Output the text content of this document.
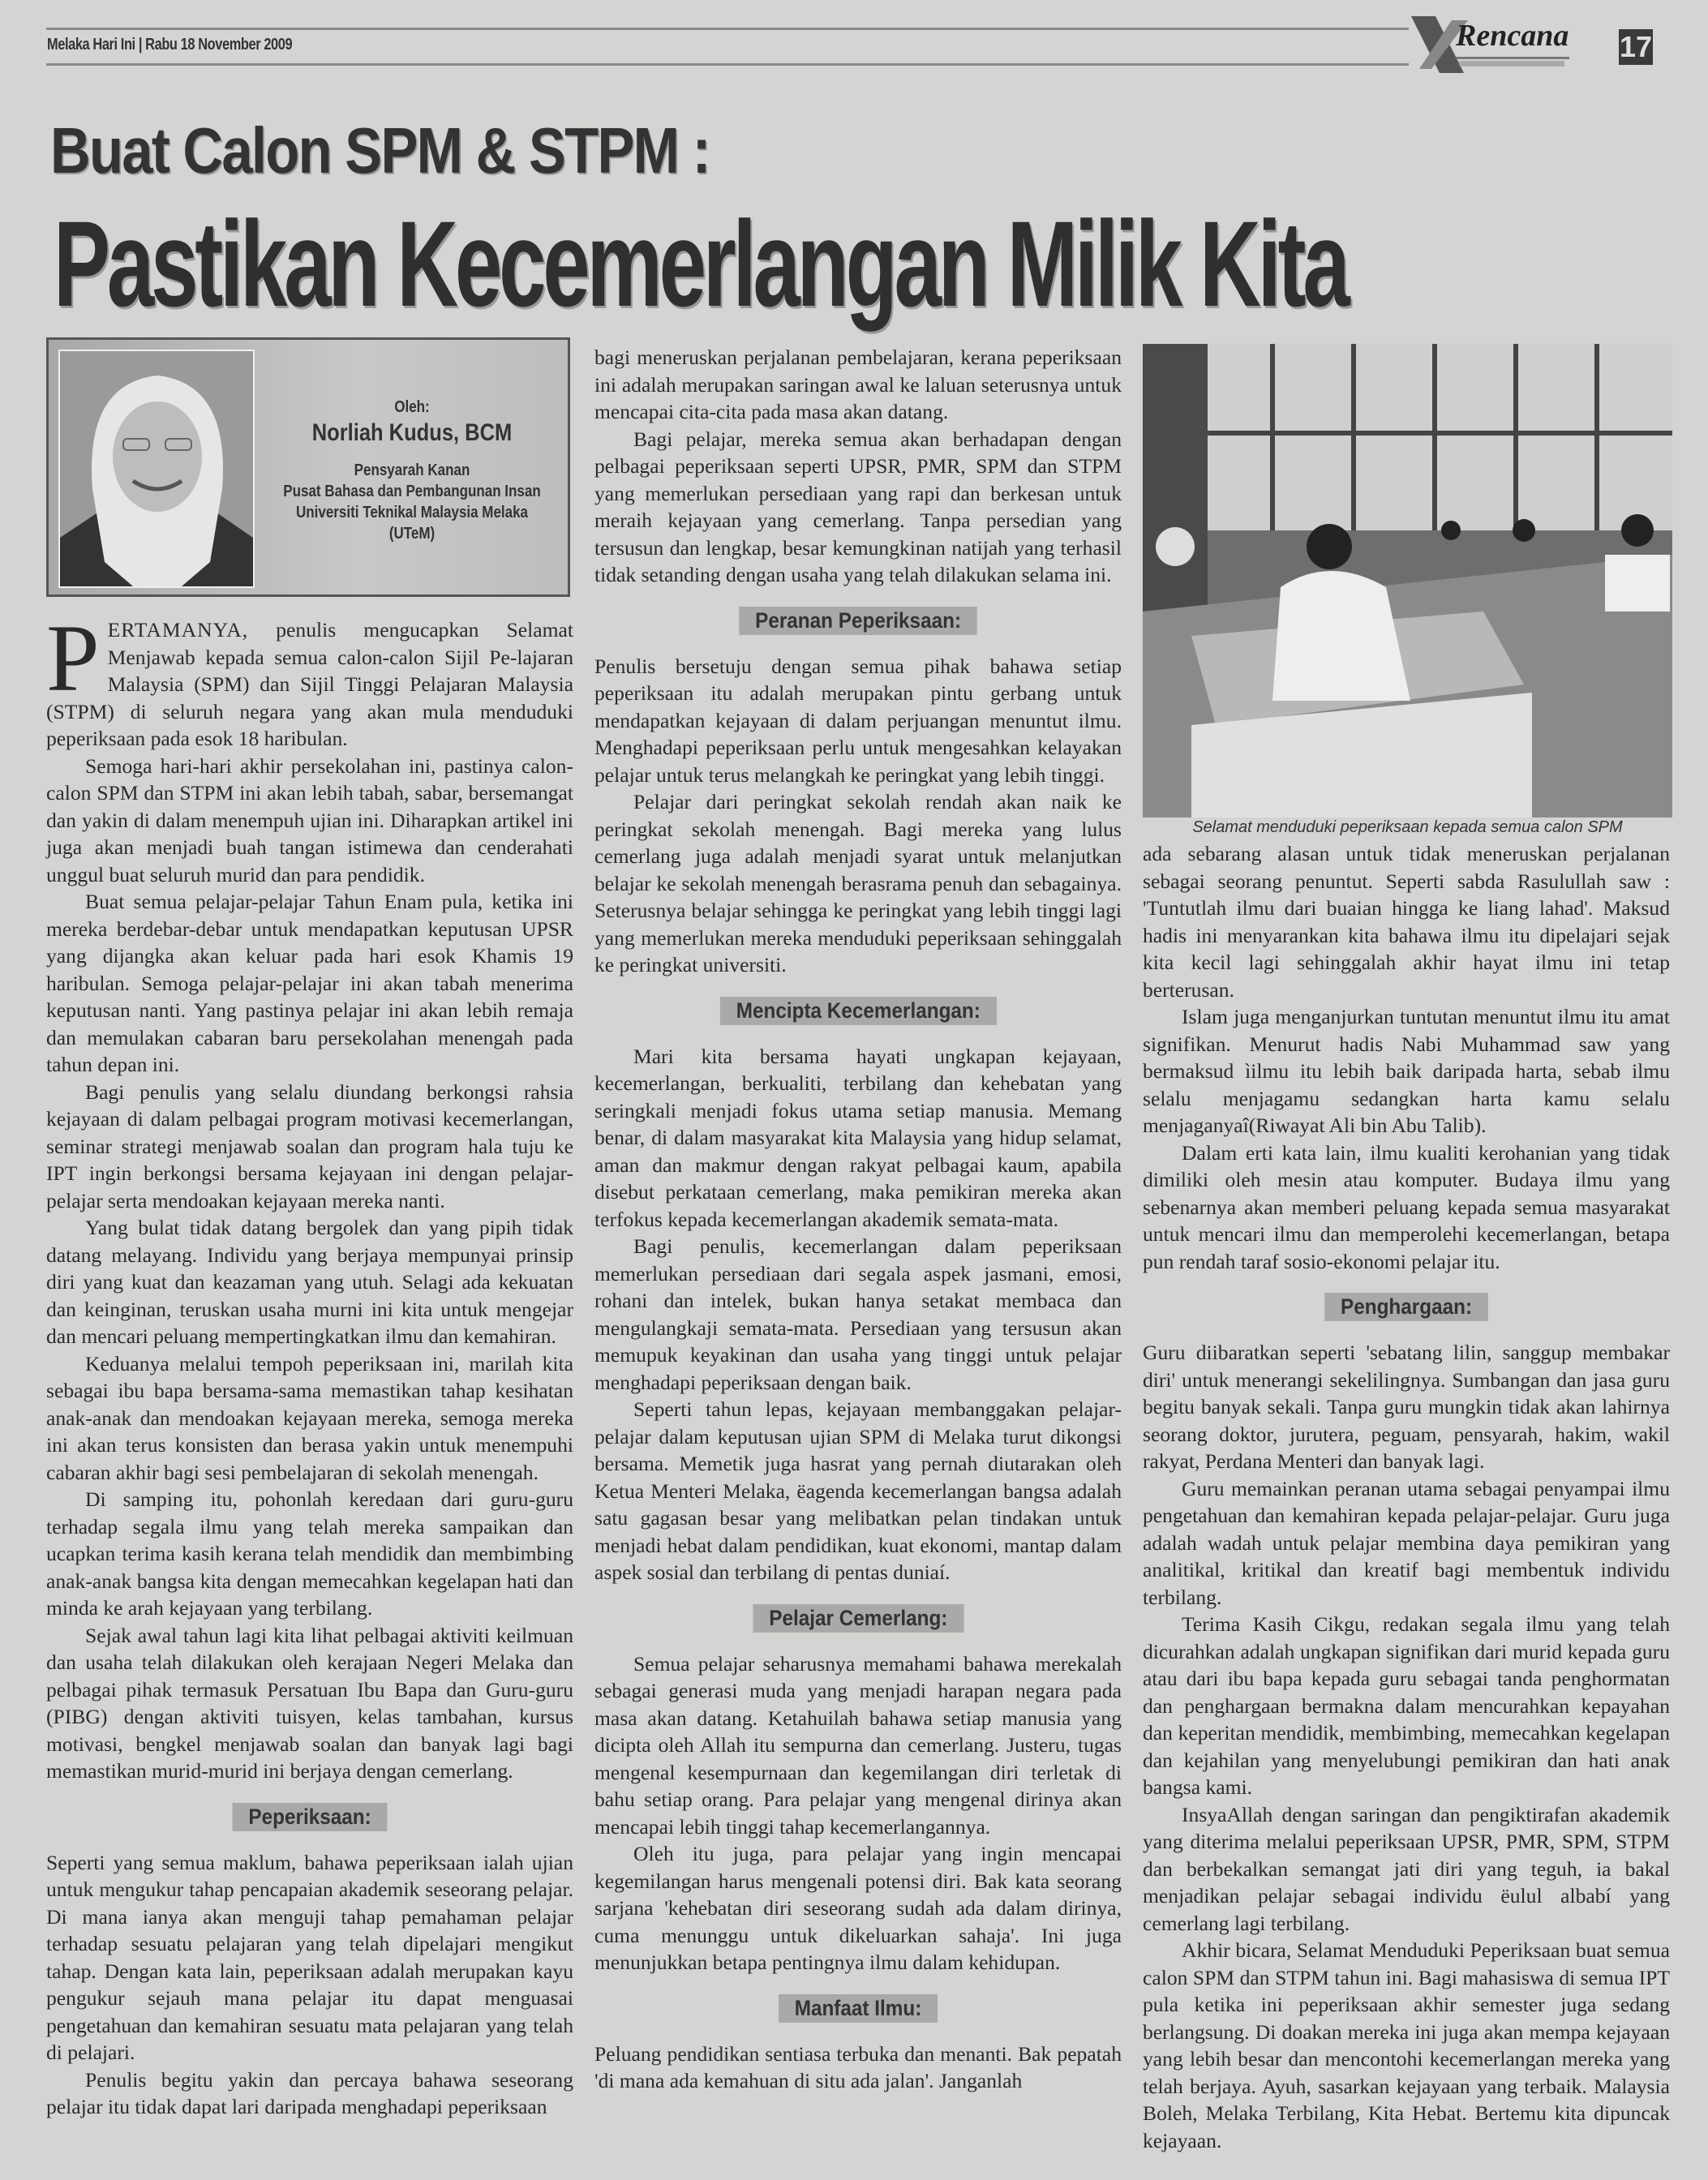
Melaka Hari Ini | Rabu 18 November 2009	Rencana 17
Buat Calon SPM & STPM :
Pastikan Kecemerlangan Milik Kita
Oleh:
Norliah Kudus, BCM
Pensyarah Kanan
Pusat Bahasa dan Pembangunan Insan
Universiti Teknikal Malaysia Melaka
(UTeM)
Selamat menduduki peperiksaan kepada semua calon SPM

PERTAMANYA, penulis mengucapkan Selamat Menjawab kepada semua calon-calon Sijil Pe-lajaran Malaysia (SPM) dan Sijil Tinggi Pelajaran Malaysia (STPM) di seluruh negara yang akan mula menduduki peperiksaan pada esok 18 haribulan.

Semoga hari-hari akhir persekolahan ini, pastinya calon-calon SPM dan STPM ini akan lebih tabah, sabar, bersemangat dan yakin di dalam menempuh ujian ini. Diharapkan artikel ini juga akan menjadi buah tangan istimewa dan cenderahati unggul buat seluruh murid dan para pendidik.

Buat semua pelajar-pelajar Tahun Enam pula, ketika ini mereka berdebar-debar untuk mendapatkan keputusan UPSR yang dijangka akan keluar pada hari esok Khamis 19 haribulan. Semoga pelajar-pelajar ini akan tabah menerima keputusan nanti. Yang pastinya pelajar ini akan lebih remaja dan memulakan cabaran baru persekolahan menengah pada tahun depan ini.

Bagi penulis yang selalu diundang berkongsi rahsia kejayaan di dalam pelbagai program motivasi kecemerlangan, seminar strategi menjawab soalan dan program hala tuju ke IPT ingin berkongsi bersama kejayaan ini dengan pelajar-pelajar serta mendoakan kejayaan mereka nanti.

Yang bulat tidak datang bergolek dan yang pipih tidak datang melayang. Individu yang berjaya mempunyai prinsip diri yang kuat dan keazaman yang utuh. Selagi ada kekuatan dan keinginan, teruskan usaha murni ini kita untuk mengejar dan mencari peluang mempertingkatkan ilmu dan kemahiran.

Keduanya melalui tempoh peperiksaan ini, marilah kita sebagai ibu bapa bersama-sama memastikan tahap kesihatan anak-anak dan mendoakan kejayaan mereka, semoga mereka ini akan terus konsisten dan berasa yakin untuk menempuhi cabaran akhir bagi sesi pembelajaran di sekolah menengah.

Di samping itu, pohonlah keredaan dari guru-guru terhadap segala ilmu yang telah mereka sampaikan dan ucapkan terima kasih kerana telah mendidik dan membimbing anak-anak bangsa kita dengan memecahkan kegelapan hati dan minda ke arah kejayaan yang terbilang.

Sejak awal tahun lagi kita lihat pelbagai aktiviti keilmuan dan usaha telah dilakukan oleh kerajaan Negeri Melaka dan pelbagai pihak termasuk Persatuan Ibu Bapa dan Guru-guru (PIBG) dengan aktiviti tuisyen, kelas tambahan, kursus motivasi, bengkel menjawab soalan dan banyak lagi bagi memastikan murid-murid ini berjaya dengan cemerlang.

Peperiksaan:

Seperti yang semua maklum, bahawa peperiksaan ialah ujian untuk mengukur tahap pencapaian akademik seseorang pelajar. Di mana ianya akan menguji tahap pemahaman pelajar terhadap sesuatu pelajaran yang telah dipelajari mengikut tahap. Dengan kata lain, peperiksaan adalah merupakan kayu pengukur sejauh mana pelajar itu dapat menguasai pengetahuan dan kemahiran sesuatu mata pelajaran yang telah di pelajari.

Penulis begitu yakin dan percaya bahawa seseorang pelajar itu tidak dapat lari daripada menghadapi peperiksaan

bagi meneruskan perjalanan pembelajaran, kerana peperiksaan ini adalah merupakan saringan awal ke laluan seterusnya untuk mencapai cita-cita pada masa akan datang.

Bagi pelajar, mereka semua akan berhadapan dengan pelbagai peperiksaan seperti UPSR, PMR, SPM dan STPM yang memerlukan persediaan yang rapi dan berkesan untuk meraih kejayaan yang cemerlang. Tanpa persedian yang tersusun dan lengkap, besar kemungkinan natijah yang terhasil tidak setanding dengan usaha yang telah dilakukan selama ini.

Peranan Peperiksaan:

Penulis bersetuju dengan semua pihak bahawa setiap peperiksaan itu adalah merupakan pintu gerbang untuk mendapatkan kejayaan di dalam perjuangan menuntut ilmu. Menghadapi peperiksaan perlu untuk mengesahkan kelayakan pelajar untuk terus melangkah ke peringkat yang lebih tinggi.

Pelajar dari peringkat sekolah rendah akan naik ke peringkat sekolah menengah. Bagi mereka yang lulus cemerlang juga adalah menjadi syarat untuk melanjutkan belajar ke sekolah menengah berasrama penuh dan sebagainya. Seterusnya belajar sehingga ke peringkat yang lebih tinggi lagi yang memerlukan mereka menduduki peperiksaan sehinggalah ke peringkat universiti.

Mencipta Kecemerlangan:

Mari kita bersama hayati ungkapan kejayaan, kecemerlangan, berkualiti, terbilang dan kehebatan yang seringkali menjadi fokus utama setiap manusia. Memang benar, di dalam masyarakat kita Malaysia yang hidup selamat, aman dan makmur dengan rakyat pelbagai kaum, apabila disebut perkataan cemerlang, maka pemikiran mereka akan terfokus kepada kecemerlangan akademik semata-mata.

Bagi penulis, kecemerlangan dalam peperiksaan memerlukan persediaan dari segala aspek jasmani, emosi, rohani dan intelek, bukan hanya setakat membaca dan mengulangkaji semata-mata. Persediaan yang tersusun akan memupuk keyakinan dan usaha yang tinggi untuk pelajar menghadapi peperiksaan dengan baik.

Seperti tahun lepas, kejayaan membanggakan pelajar-pelajar dalam keputusan ujian SPM di Melaka turut dikongsi bersama. Memetik juga hasrat yang pernah diutarakan oleh Ketua Menteri Melaka, ëagenda kecemerlangan bangsa adalah satu gagasan besar yang melibatkan pelan tindakan untuk menjadi hebat dalam pendidikan, kuat ekonomi, mantap dalam aspek sosial dan terbilang di pentas duniaí.

Pelajar Cemerlang:

Semua pelajar seharusnya memahami bahawa merekalah sebagai generasi muda yang menjadi harapan negara pada masa akan datang. Ketahuilah bahawa setiap manusia yang dicipta oleh Allah itu sempurna dan cemerlang. Justeru, tugas mengenal kesempurnaan dan kegemilangan diri terletak di bahu setiap orang. Para pelajar yang mengenal dirinya akan mencapai lebih tinggi tahap kecemerlangannya.

Oleh itu juga, para pelajar yang ingin mencapai kegemilangan harus mengenali potensi diri. Bak kata seorang sarjana 'kehebatan diri seseorang sudah ada dalam dirinya, cuma menunggu untuk dikeluarkan sahaja'. Ini juga menunjukkan betapa pentingnya ilmu dalam kehidupan.

Manfaat Ilmu:

Peluang pendidikan sentiasa terbuka dan menanti. Bak pepatah 'di mana ada kemahuan di situ ada jalan'. Janganlah

ada sebarang alasan untuk tidak meneruskan perjalanan sebagai seorang penuntut. Seperti sabda Rasulullah saw : 'Tuntutlah ilmu dari buaian hingga ke liang lahad'. Maksud hadis ini menyarankan kita bahawa ilmu itu dipelajari sejak kita kecil lagi sehinggalah akhir hayat ilmu ini tetap berterusan.

Islam juga menganjurkan tuntutan menuntut ilmu itu amat signifikan. Menurut hadis Nabi Muhammad saw yang bermaksud ìilmu itu lebih baik daripada harta, sebab ilmu selalu menjagamu sedangkan harta kamu selalu menjaganyaî(Riwayat Ali bin Abu Talib).

Dalam erti kata lain, ilmu kualiti kerohanian yang tidak dimiliki oleh mesin atau komputer. Budaya ilmu yang sebenarnya akan memberi peluang kepada semua masyarakat untuk mencari ilmu dan memperolehi kecemerlangan, betapa pun rendah taraf sosio-ekonomi pelajar itu.

Penghargaan:

Guru diibaratkan seperti 'sebatang lilin, sanggup membakar diri' untuk menerangi sekelilingnya. Sumbangan dan jasa guru begitu banyak sekali. Tanpa guru mungkin tidak akan lahirnya seorang doktor, jurutera, peguam, pensyarah, hakim, wakil rakyat, Perdana Menteri dan banyak lagi.

Guru memainkan peranan utama sebagai penyampai ilmu pengetahuan dan kemahiran kepada pelajar-pelajar. Guru juga adalah wadah untuk pelajar membina daya pemikiran yang analitikal, kritikal dan kreatif bagi membentuk individu terbilang.

Terima Kasih Cikgu, redakan segala ilmu yang telah dicurahkan adalah ungkapan signifikan dari murid kepada guru atau dari ibu bapa kepada guru sebagai tanda penghormatan dan penghargaan bermakna dalam mencurahkan kepayahan dan keperitan mendidik, membimbing, memecahkan kegelapan dan kejahilan yang menyelubungi pemikiran dan hati anak bangsa kami.

InsyaAllah dengan saringan dan pengiktirafan akademik yang diterima melalui peperiksaan UPSR, PMR, SPM, STPM dan berbekalkan semangat jati diri yang teguh, ia bakal menjadikan pelajar sebagai individu ëulul albabí yang cemerlang lagi terbilang.

Akhir bicara, Selamat Menduduki Peperiksaan buat semua calon SPM dan STPM tahun ini. Bagi mahasiswa di semua IPT pula ketika ini peperiksaan akhir semester juga sedang berlangsung. Di doakan mereka ini juga akan mempa kejayaan yang lebih besar dan mencontohi kecemerlangan mereka yang telah berjaya. Ayuh, sasarkan kejayaan yang terbaik. Malaysia Boleh, Melaka Terbilang, Kita Hebat. Bertemu kita dipuncak kejayaan.
